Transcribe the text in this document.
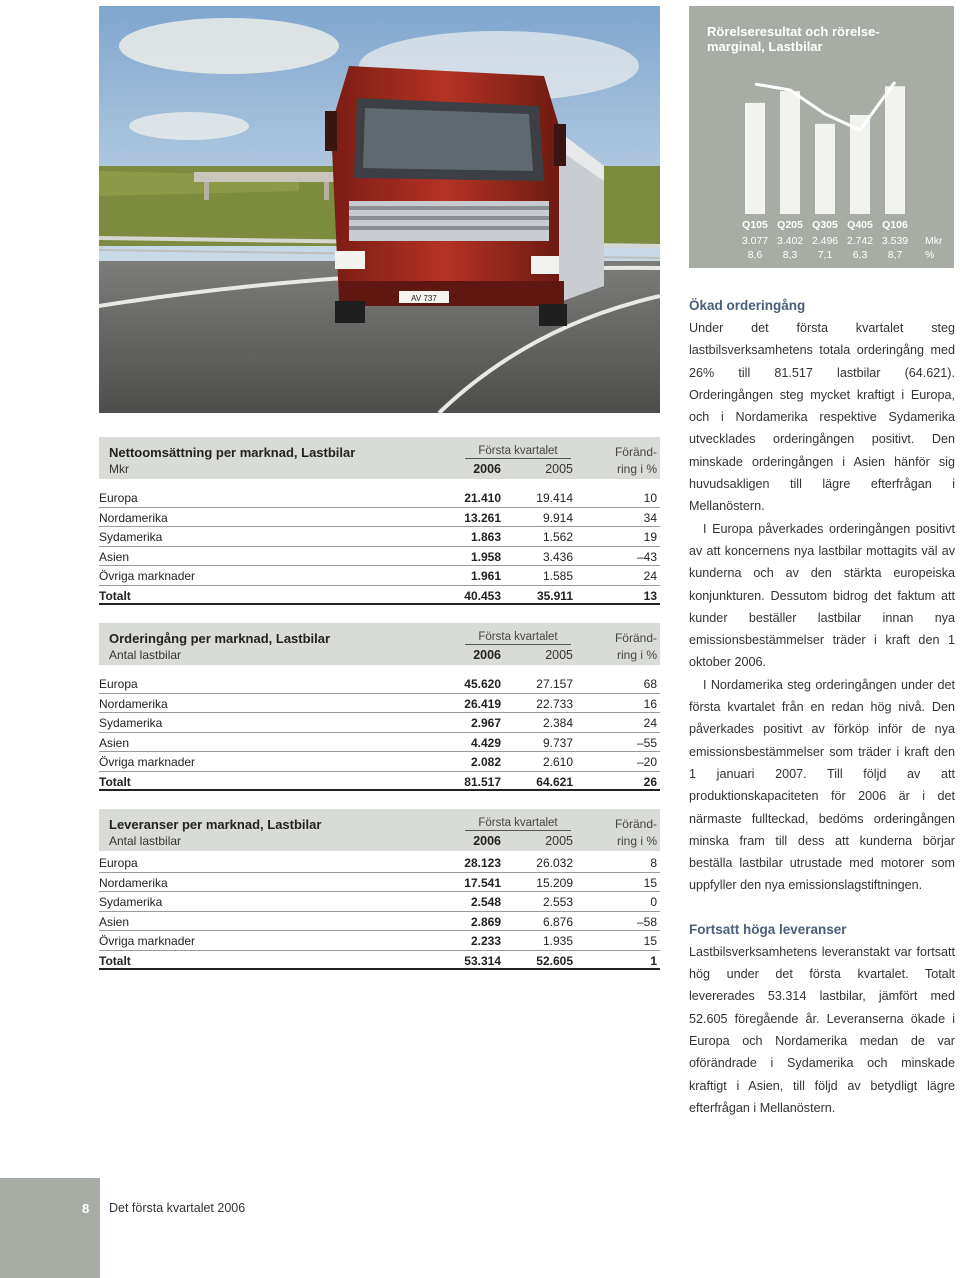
AV 737
Rörelseresultat och rörelse-
marginal, Lastbilar
Q105 Q205 Q305 Q405 Q106
3.077 3.402 2.496 2.742 3.539
8,6 8,3 7,1 6,3 8,7
Mkr
%
Nettoomsättning per marknad, Lastbilar
Mkr
Första kvartalet
2006	2005
Föränd-
ring i %
Europa	21.410	19.414	10
Nordamerika	13.261	9.914	34
Sydamerika	1.863	1.562	19
Asien	1.958	3.436	–43
Övriga marknader	1.961	1.585	24
Totalt	40.453	35.911	13
Orderingång per marknad, Lastbilar
Antal lastbilar
Första kvartalet
2006	2005
Föränd-
ring i %
Europa	45.620	27.157	68
Nordamerika	26.419	22.733	16
Sydamerika	2.967	2.384	24
Asien	4.429	9.737	–55
Övriga marknader	2.082	2.610	–20
Totalt	81.517	64.621	26
Leveranser per marknad, Lastbilar
Antal lastbilar
Första kvartalet
2006	2005
Föränd-
ring i %
Europa	28.123	26.032	8
Nordamerika	17.541	15.209	15
Sydamerika	2.548	2.553	0
Asien	2.869	6.876	–58
Övriga marknader	2.233	1.935	15
Totalt	53.314	52.605	1
Ökad orderingång

Under det första kvartalet steg lastbilsverksamhetens totala orderingång med 26% till 81.517 lastbilar (64.621). Orderingången steg mycket kraftigt i Europa, och i Nordamerika respektive Sydamerika utvecklades orderingången positivt. Den minskade orderingången i Asien hänför sig huvudsakligen till lägre efterfrågan i Mellanöstern.

I Europa påverkades orderingången positivt av att koncernens nya lastbilar mottagits väl av kunderna och av den stärkta europeiska konjunkturen. Dessutom bidrog det faktum att kunder beställer lastbilar innan nya emissionsbestämmelser träder i kraft den 1 oktober 2006.

I Nordamerika steg orderingången under det första kvartalet från en redan hög nivå. Den påverkades positivt av förköp inför de nya emissionsbestämmelser som träder i kraft den 1 januari 2007. Till följd av att produktionskapaciteten för 2006 är i det närmaste fullteckad, bedöms orderingången minska fram till dess att kunderna börjar beställa lastbilar utrustade med motorer som uppfyller den nya emissionslagstiftningen.

Fortsatt höga leveranser

Lastbilsverksamhetens leveranstakt var fortsatt hög under det första kvartalet. Totalt levererades 53.314 lastbilar, jämfört med 52.605 föregående år. Leveranserna ökade i Europa och Nordamerika medan de var oförändrade i Sydamerika och minskade kraftigt i Asien, till följd av betydligt lägre efterfrågan i Mellanöstern.

8 Det första kvartalet 2006
